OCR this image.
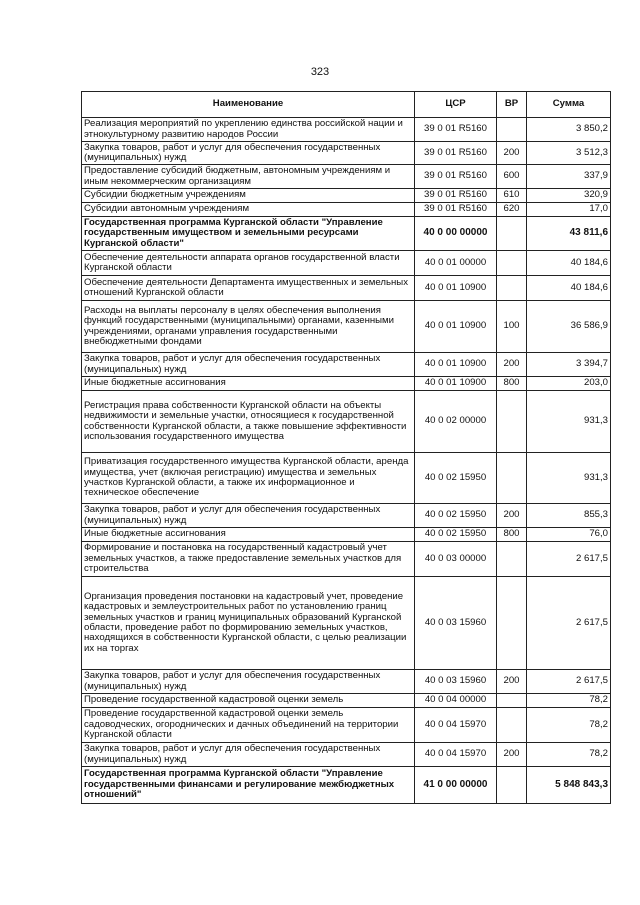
323
Наименование	ЦСР	ВР	Сумма
Реализация мероприятий по укреплению единства российской нации и этнокультурному развитию народов России	39 0 01 R5160		3 850,2
Закупка товаров, работ и услуг для обеспечения государственных (муниципальных) нужд	39 0 01 R5160	200	3 512,3
Предоставление субсидий бюджетным, автономным учреждениям и иным некоммерческим организациям	39 0 01 R5160	600	337,9
Субсидии бюджетным учреждениям	39 0 01 R5160	610	320,9
Субсидии автономным учреждениям	39 0 01 R5160	620	17,0
Государственная программа Курганской области "Управление государственным имуществом и земельными ресурсами Курганской области"	40 0 00 00000		43 811,6
Обеспечение деятельности аппарата органов государственной власти Курганской области	40 0 01 00000		40 184,6
Обеспечение деятельности Департамента имущественных и земельных отношений Курганской области	40 0 01 10900		40 184,6
Расходы на выплаты персоналу в целях обеспечения выполнения функций государственными (муниципальными) органами, казенными учреждениями, органами управления государственными внебюджетными фондами	40 0 01 10900	100	36 586,9
Закупка товаров, работ и услуг для обеспечения государственных (муниципальных) нужд	40 0 01 10900	200	3 394,7
Иные бюджетные ассигнования	40 0 01 10900	800	203,0
Регистрация права собственности Курганской области на объекты недвижимости и земельные участки, относящиеся к государственной собственности Курганской области, а также повышение эффективности использования государственного имущества	40 0 02 00000		931,3
Приватизация государственного имущества Курганской области, аренда имущества, учет (включая регистрацию) имущества и земельных участков Курганской области, а также их информационное и техническое обеспечение	40 0 02 15950		931,3
Закупка товаров, работ и услуг для обеспечения государственных (муниципальных) нужд	40 0 02 15950	200	855,3
Иные бюджетные ассигнования	40 0 02 15950	800	76,0
Формирование и постановка на государственный кадастровый учет земельных участков, а также предоставление земельных участков для строительства	40 0 03 00000		2 617,5
Организация проведения постановки на кадастровый учет, проведение кадастровых и землеустроительных работ по установлению границ земельных участков и границ муниципальных образований Курганской области, проведение работ по формированию земельных участков, находящихся в собственности Курганской области, с целью реализации их на торгах	40 0 03 15960		2 617,5
Закупка товаров, работ и услуг для обеспечения государственных (муниципальных) нужд	40 0 03 15960	200	2 617,5
Проведение государственной кадастровой оценки земель	40 0 04 00000		78,2
Проведение государственной кадастровой оценки земель садоводческих, огороднических и дачных объединений на территории Курганской области	40 0 04 15970		78,2
Закупка товаров, работ и услуг для обеспечения государственных (муниципальных) нужд	40 0 04 15970	200	78,2
Государственная программа Курганской области "Управление государственными финансами и регулирование межбюджетных отношений"	41 0 00 00000		5 848 843,3
